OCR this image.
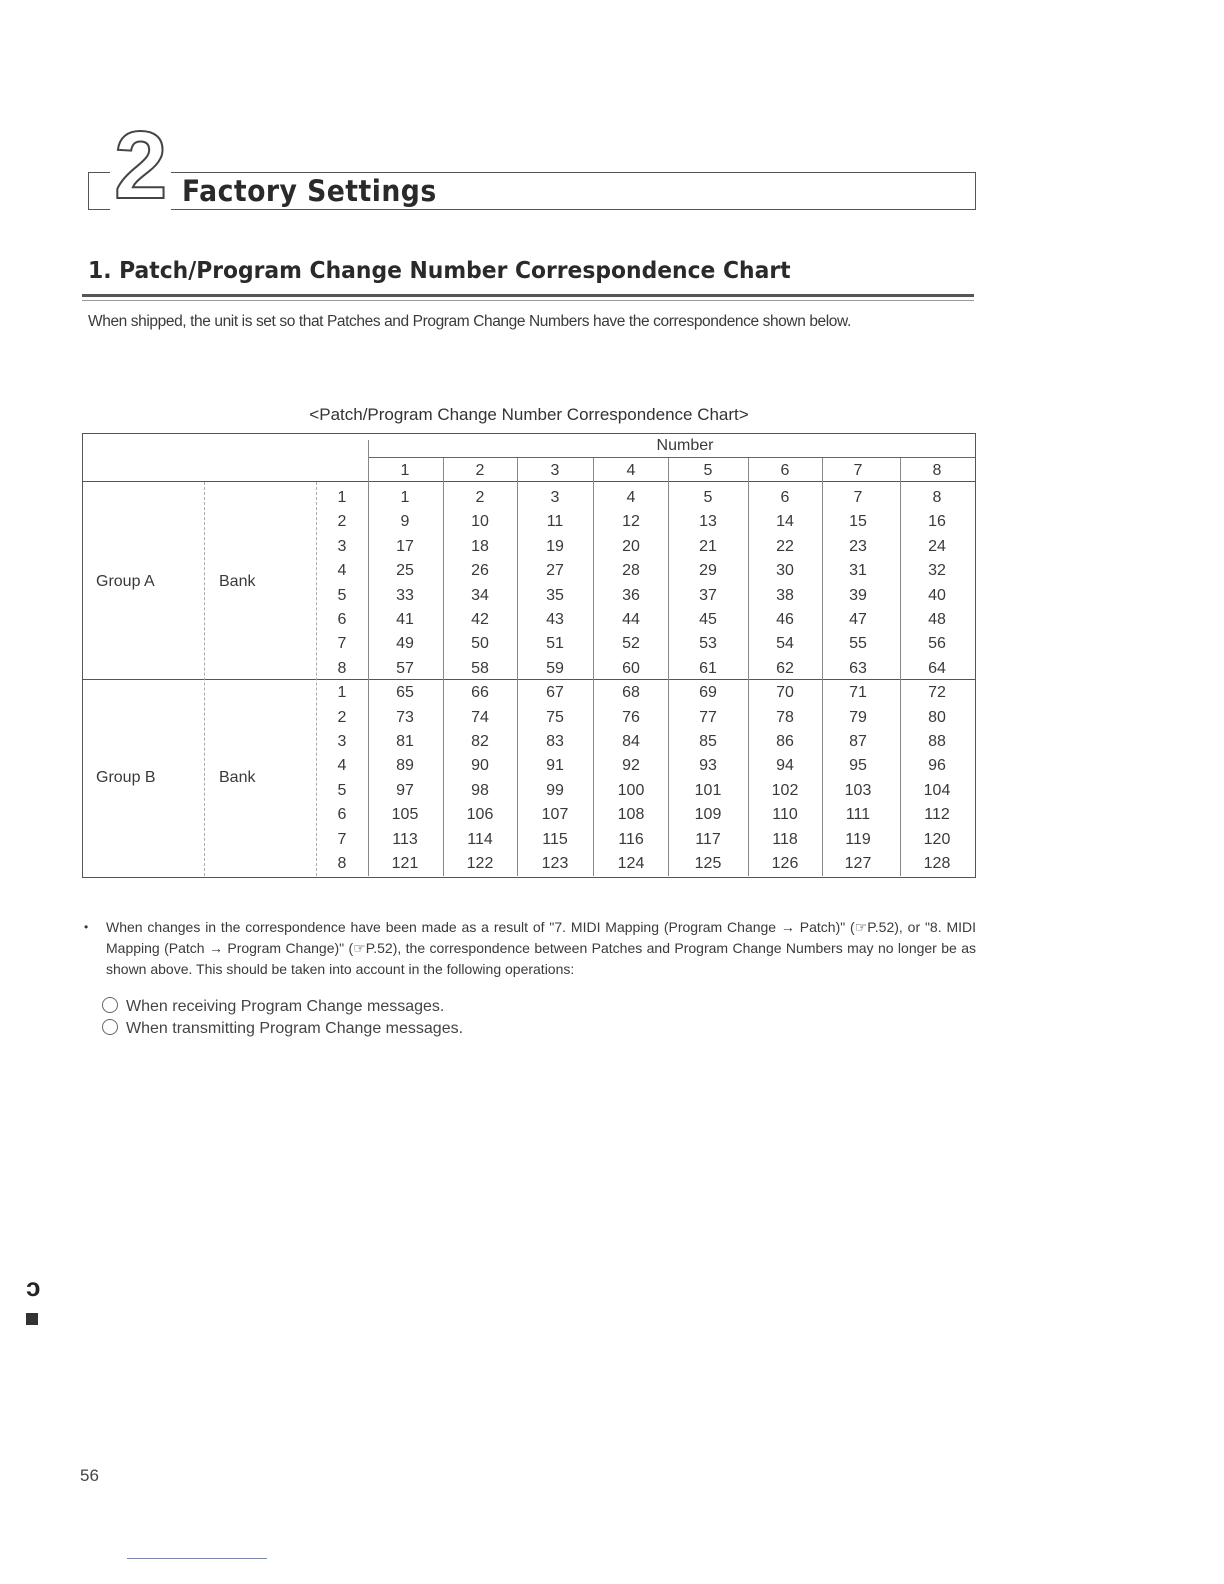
2 Factory Settings
1. Patch/Program Change Number Correspondence Chart
When shipped, the unit is set so that Patches and Program Change Numbers have the correspondence shown below.
<Patch/Program Change Number Correspondence Chart>
Number
1	2	3	4	5	6	7	8
Group A	Bank
1	1	2	3	4	5	6	7	8
2	9	10	11	12	13	14	15	16
3	17	18	19	20	21	22	23	24
4	25	26	27	28	29	30	31	32
5	33	34	35	36	37	38	39	40
6	41	42	43	44	45	46	47	48
7	49	50	51	52	53	54	55	56
8	57	58	59	60	61	62	63	64
Group B	Bank
1	65	66	67	68	69	70	71	72
2	73	74	75	76	77	78	79	80
3	81	82	83	84	85	86	87	88
4	89	90	91	92	93	94	95	96
5	97	98	99	100	101	102	103	104
6	105	106	107	108	109	110	111	112
7	113	114	115	116	117	118	119	120
8	121	122	123	124	125	126	127	128
• When changes in the correspondence have been made as a result of "7. MIDI Mapping (Program Change → Patch)" (☞P.52), or "8. MIDI Mapping (Patch → Program Change)" (☞P.52), the correspondence between Patches and Program Change Numbers may no longer be as shown above. This should be taken into account in the following operations:
When receiving Program Change messages.
When transmitting Program Change messages.
ɔ
56
